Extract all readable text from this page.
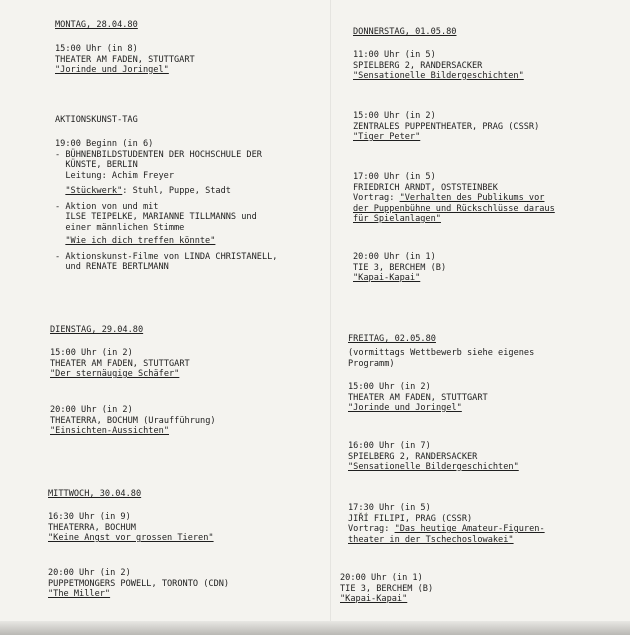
MONTAG, 28.04.80
15:00 Uhr (in 8)
THEATER AM FADEN, STUTTGART
"Jorinde und Joringel"
AKTIONSKUNST-TAG
19:00 Beginn (in 6)
- BÜHNENBILDSTUDENTEN DER HOCHSCHULE DER
KÜNSTE, BERLIN
Leitung: Achim Freyer
"Stückwerk": Stuhl, Puppe, Stadt
- Aktion von und mit
ILSE TEIPELKE, MARIANNE TILLMANNS und
einer männlichen Stimme
"Wie ich dich treffen könnte"
- Aktionskunst-Filme von LINDA CHRISTANELL,
und RENATE BERTLMANN
DIENSTAG, 29.04.80
15:00 Uhr (in 2)
THEATER AM FADEN, STUTTGART
"Der sternäugige Schäfer"
20:00 Uhr (in 2)
THEATERRA, BOCHUM (Uraufführung)
"Einsichten-Aussichten"
MITTWOCH, 30.04.80
16:30 Uhr (in 9)
THEATERRA, BOCHUM
"Keine Angst vor grossen Tieren"
20:00 Uhr (in 2)
PUPPETMONGERS POWELL, TORONTO (CDN)
"The Miller"
DONNERSTAG, 01.05.80
11:00 Uhr (in 5)
SPIELBERG 2, RANDERSACKER
"Sensationelle Bildergeschichten"
15:00 Uhr (in 2)
ZENTRALES PUPPENTHEATER, PRAG (CSSR)
"Tiger Peter"
17:00 Uhr (in 5)
FRIEDRICH ARNDT, OSTSTEINBEK
Vortrag: "Verhalten des Publikums vor
der Puppenbühne und Rückschlüsse daraus
für Spielanlagen"
20:00 Uhr (in 1)
TIE 3, BERCHEM (B)
"Kapai-Kapai"
FREITAG, 02.05.80
(vormittags Wettbewerb siehe eigenes
Programm)
15:00 Uhr (in 2)
THEATER AM FADEN, STUTTGART
"Jorinde und Joringel"
16:00 Uhr (in 7)
SPIELBERG 2, RANDERSACKER
"Sensationelle Bildergeschichten"
17:30 Uhr (in 5)
JIŘÍ FILIPI, PRAG (CSSR)
Vortrag: "Das heutige Amateur-Figuren-
theater in der Tschechoslowakei"
20:00 Uhr (in 1)
TIE 3, BERCHEM (B)
"Kapai-Kapai"
